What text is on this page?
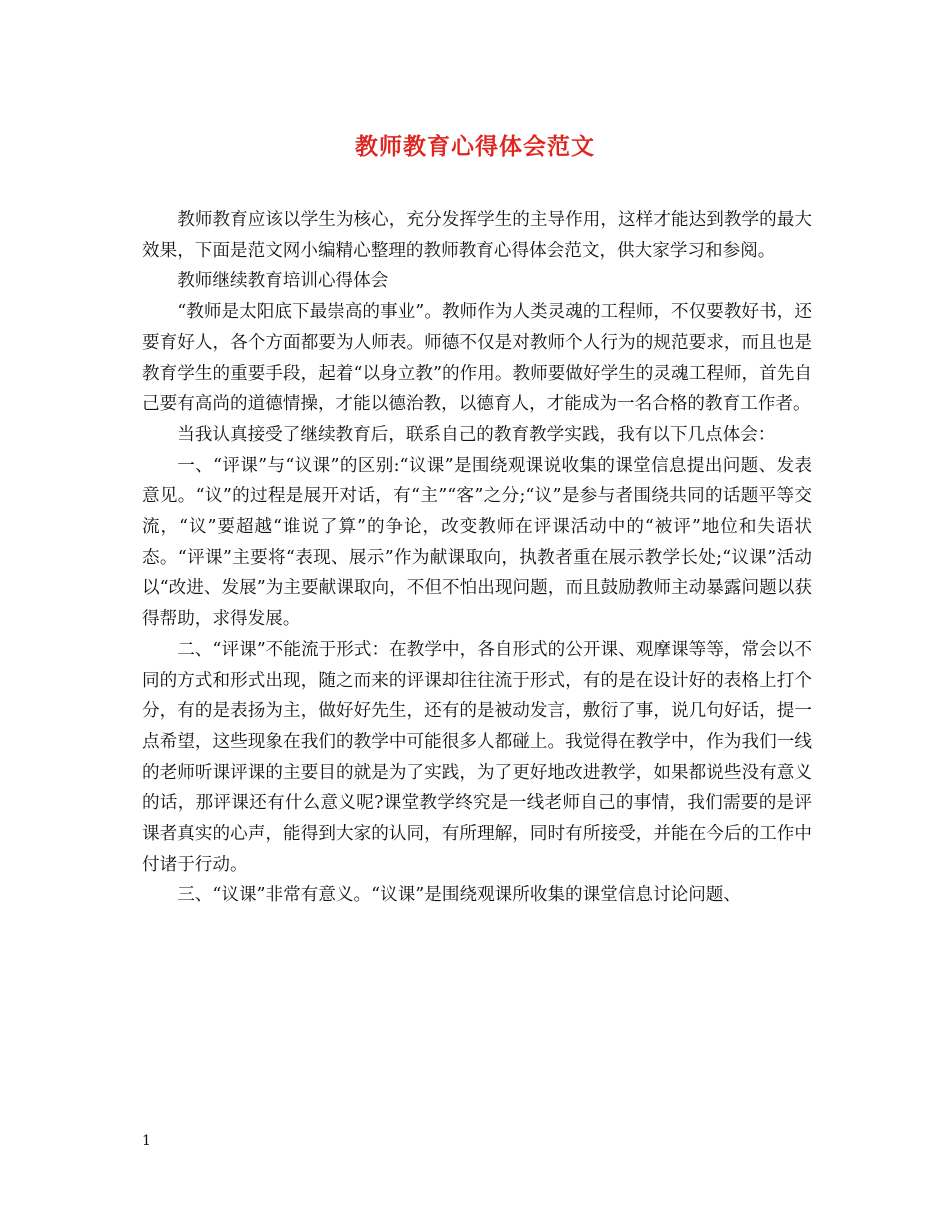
教师教育心得体会范文

教师教育应该以学生为核心，充分发挥学生的主导作用，这样才能达到教学的最大效果，下面是范文网小编精心整理的教师教育心得体会范文，供大家学习和参阅。

教师继续教育培训心得体会

“教师是太阳底下最崇高的事业”。教师作为人类灵魂的工程师，不仅要教好书，还要育好人，各个方面都要为人师表。师德不仅是对教师个人行为的规范要求，而且也是教育学生的重要手段，起着“以身立教”的作用。教师要做好学生的灵魂工程师，首先自己要有高尚的道德情操，才能以德治教，以德育人，才能成为一名合格的教育工作者。

当我认真接受了继续教育后，联系自己的教育教学实践，我有以下几点体会：

一、“评课”与“议课”的区别:“议课”是围绕观课说收集的课堂信息提出问题、发表意见。“议”的过程是展开对话，有“主”“客”之分;“议”是参与者围绕共同的话题平等交流，“议”要超越“谁说了算”的争论，改变教师在评课活动中的“被评”地位和失语状态。“评课”主要将“表现、展示”作为献课取向，执教者重在展示教学长处;“议课”活动以“改进、发展”为主要献课取向，不但不怕出现问题，而且鼓励教师主动暴露问题以获得帮助，求得发展。

二、“评课”不能流于形式：在教学中，各自形式的公开课、观摩课等等，常会以不同的方式和形式出现，随之而来的评课却往往流于形式，有的是在设计好的表格上打个分，有的是表扬为主，做好好先生，还有的是被动发言，敷衍了事，说几句好话，提一点希望，这些现象在我们的教学中可能很多人都碰上。我觉得在教学中，作为我们一线的老师听课评课的主要目的就是为了实践，为了更好地改进教学，如果都说些没有意义的话，那评课还有什么意义呢?课堂教学终究是一线老师自己的事情，我们需要的是评课者真实的心声，能得到大家的认同，有所理解，同时有所接受，并能在今后的工作中付诸于行动。

三、“议课”非常有意义。“议课”是围绕观课所收集的课堂信息讨论问题、

1
